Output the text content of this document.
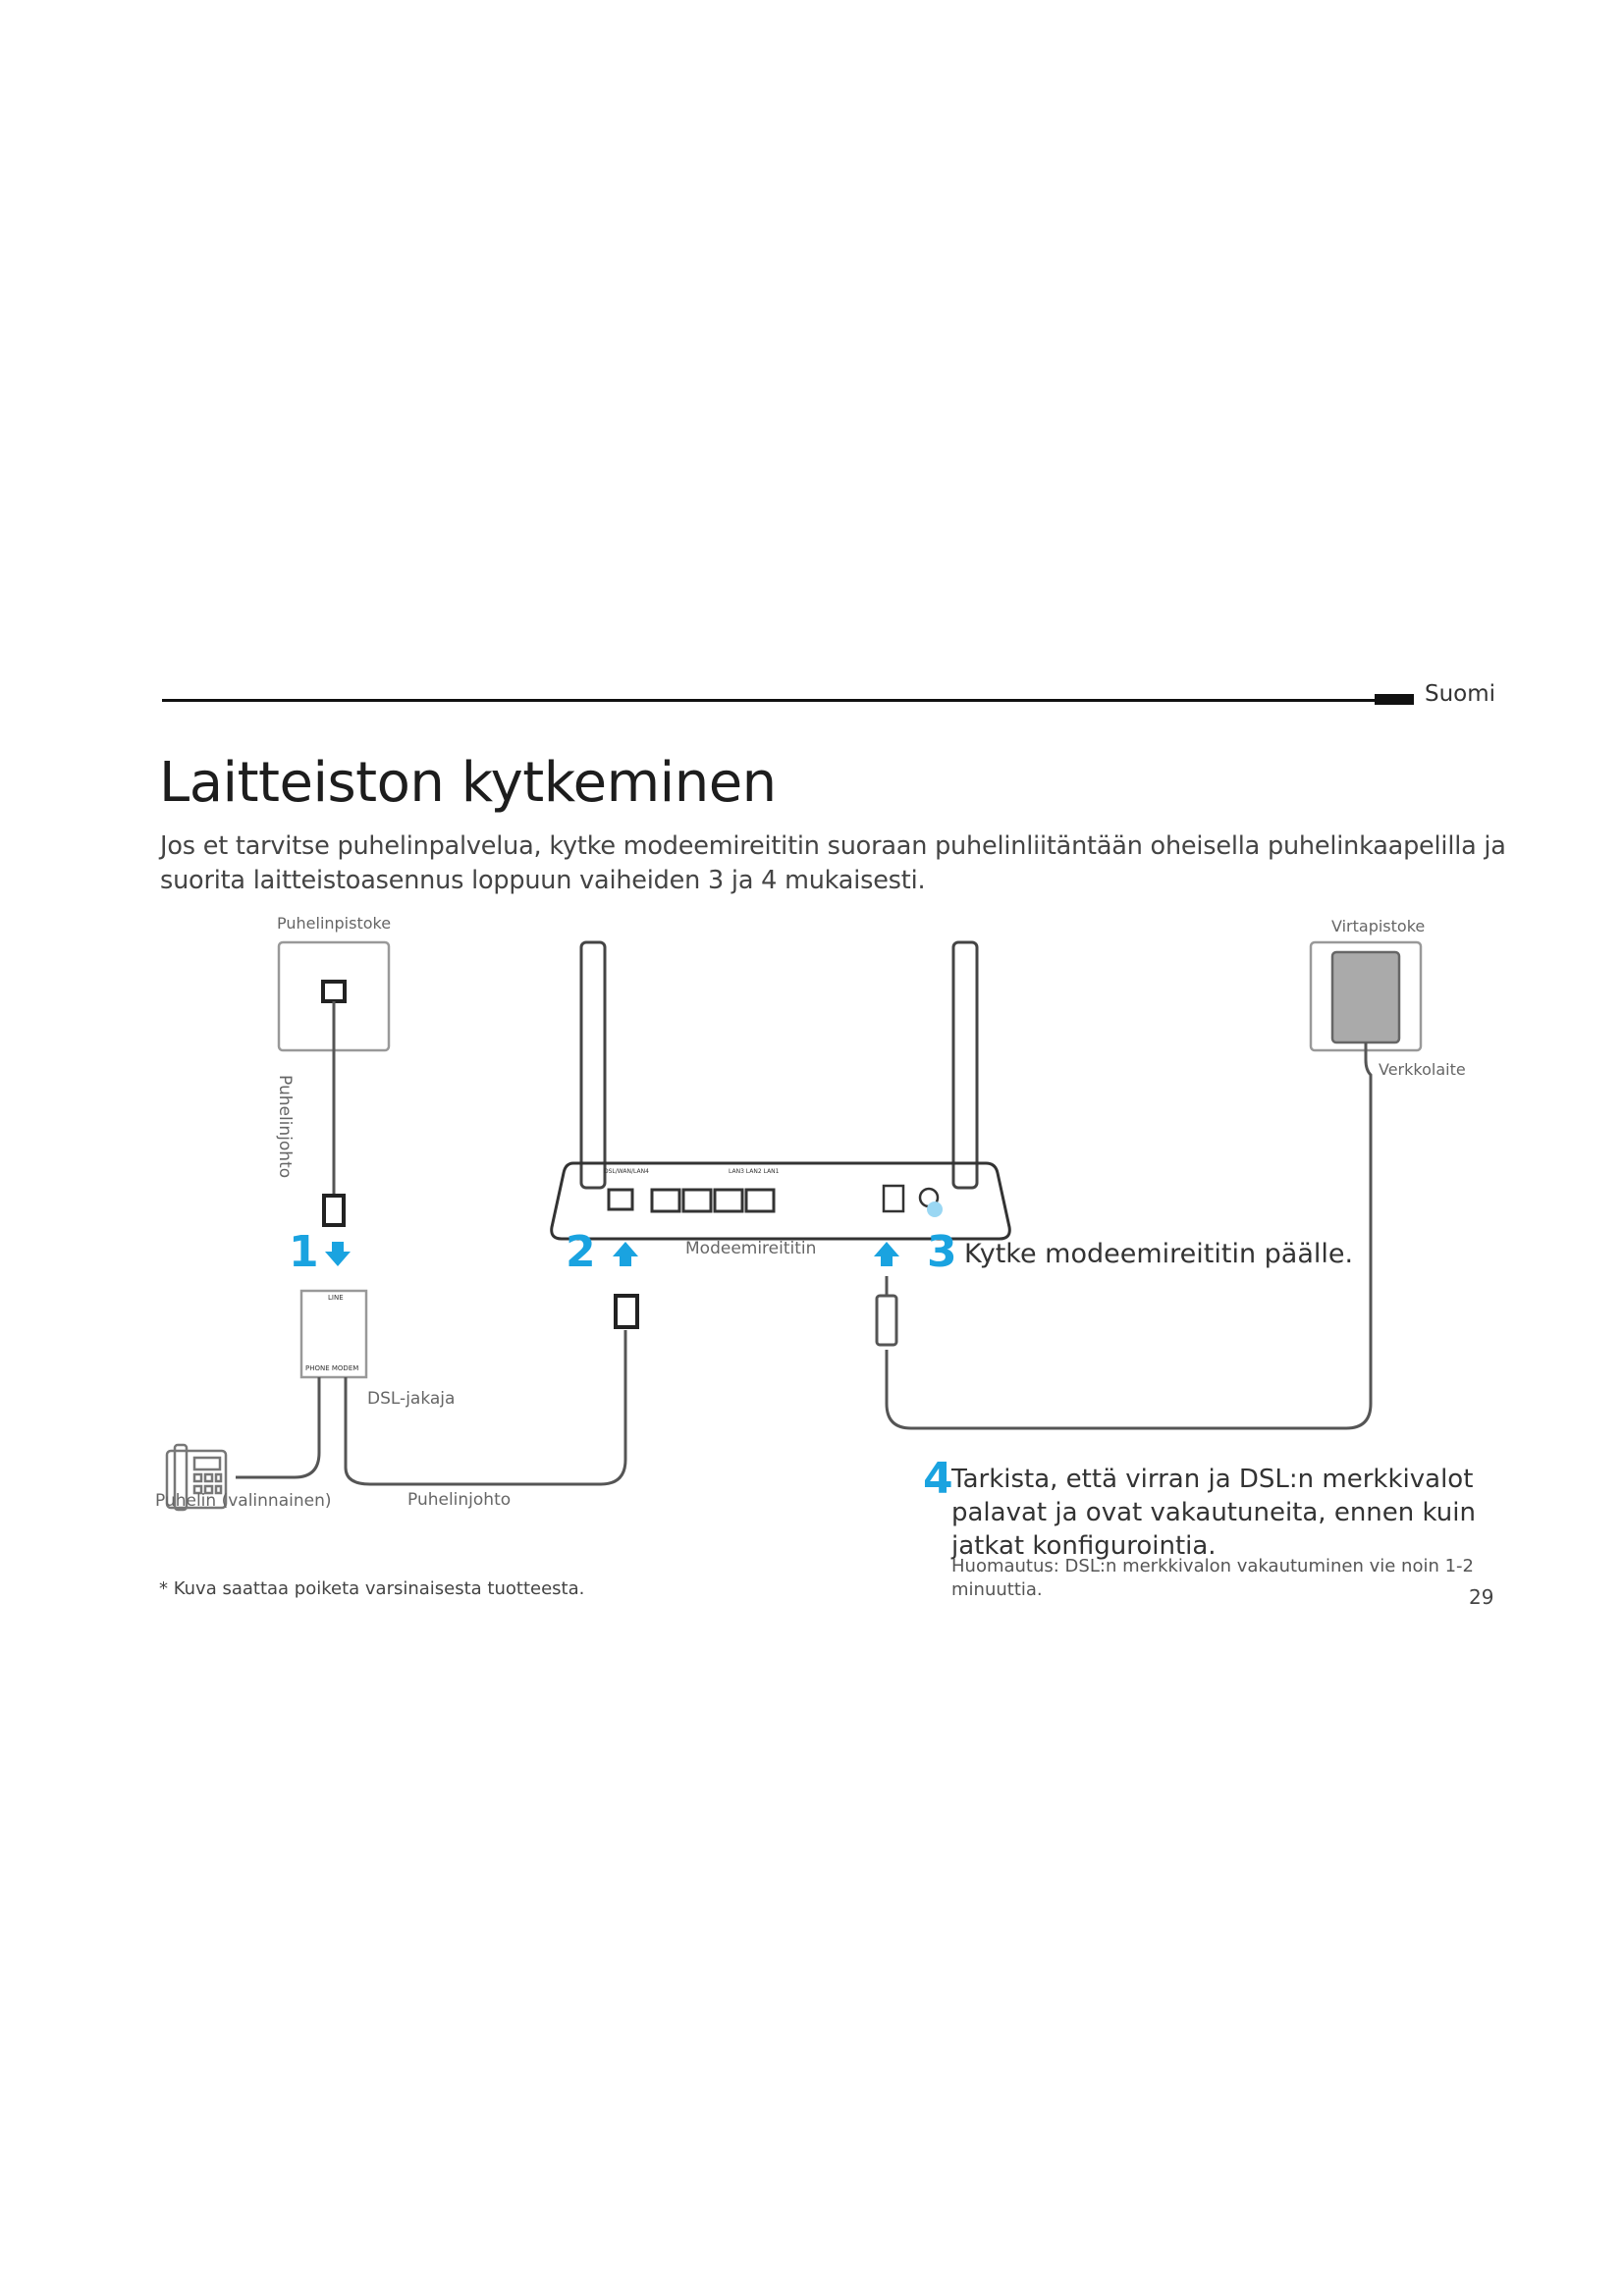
Suomi
Laitteiston kytkeminen
Jos et tarvitse puhelinpalvelua, kytke modeemireititin suoraan puhelinliitäntään oheisella puhelinkaapelilla ja suorita laitteistoasennus loppuun vaiheiden 3 ja 4 mukaisesti.
Puhelinpistoke
Puhelinjohto
Virtapistoke
Verkkolaite
Modeemireititin
DSL-jakaja
LINE
PHONE MODEM
DSL/WAN/LAN4	LAN3 LAN2 LAN1
Puhelin (valinnainen)	Puhelinjohto
1	2	3 Kytke modeemireititin päälle.
4
Tarkista, että virran ja DSL:n merkkivalot palavat ja ovat vakautuneita, ennen kuin jatkat konfigurointia.
Huomautus: DSL:n merkkivalon vakautuminen vie noin 1-2 minuuttia.
* Kuva saattaa poiketa varsinaisesta tuotteesta.	29
